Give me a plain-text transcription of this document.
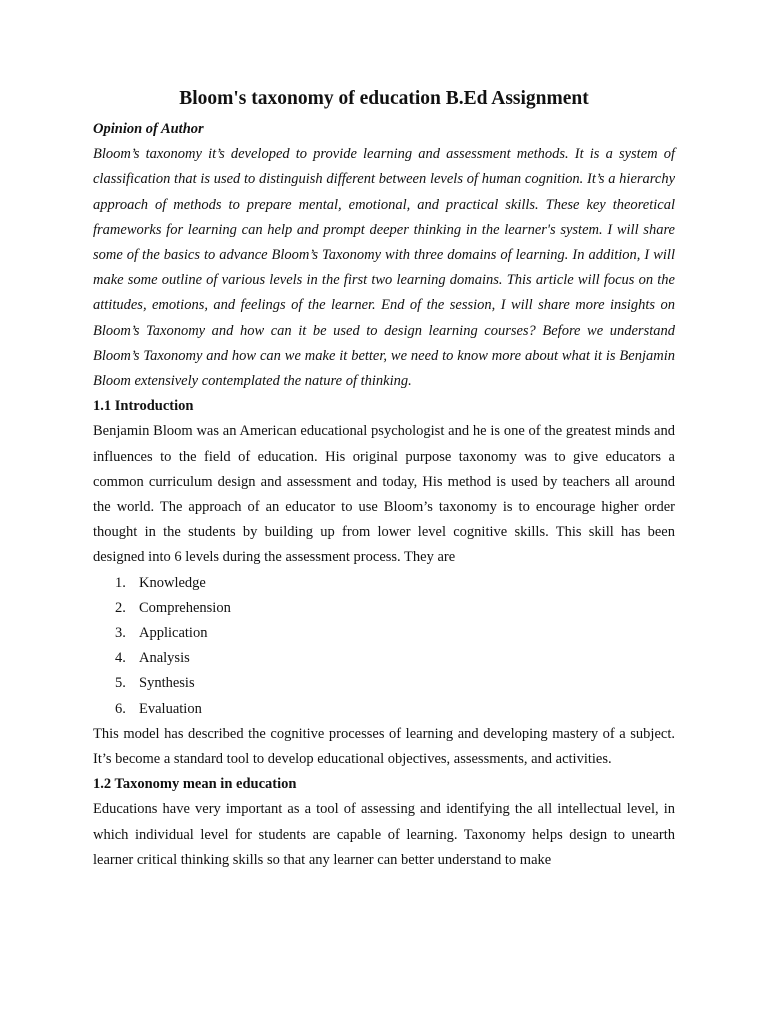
Bloom's taxonomy of education B.Ed Assignment
Opinion of Author

Bloom’s taxonomy it’s developed to provide learning and assessment methods. It is a system of classification that is used to distinguish different between levels of human cognition. It’s a hierarchy approach of methods to prepare mental, emotional, and practical skills. These key theoretical frameworks for learning can help and prompt deeper thinking in the learner's system. I will share some of the basics to advance Bloom’s Taxonomy with three domains of learning. In addition, I will make some outline of various levels in the first two learning domains. This article will focus on the attitudes, emotions, and feelings of the learner. End of the session, I will share more insights on Bloom’s Taxonomy and how can it be used to design learning courses? Before we understand Bloom’s Taxonomy and how can we make it better, we need to know more about what it is Benjamin Bloom extensively contemplated the nature of thinking.

1.1 Introduction

Benjamin Bloom was an American educational psychologist and he is one of the greatest minds and influences to the field of education. His original purpose taxonomy was to give educators a common curriculum design and assessment and today, His method is used by teachers all around the world. The approach of an educator to use Bloom’s taxonomy is to encourage higher order thought in the students by building up from lower level cognitive skills. This skill has been designed into 6 levels during the assessment process. They are

1. Knowledge
2. Comprehension
3. Application
4. Analysis
5. Synthesis
6. Evaluation

This model has described the cognitive processes of learning and developing mastery of a subject. It’s become a standard tool to develop educational objectives, assessments, and activities.

1.2 Taxonomy mean in education

Educations have very important as a tool of assessing and identifying the all intellectual level, in which individual level for students are capable of learning. Taxonomy helps design to unearth learner critical thinking skills so that any learner can better understand to make
